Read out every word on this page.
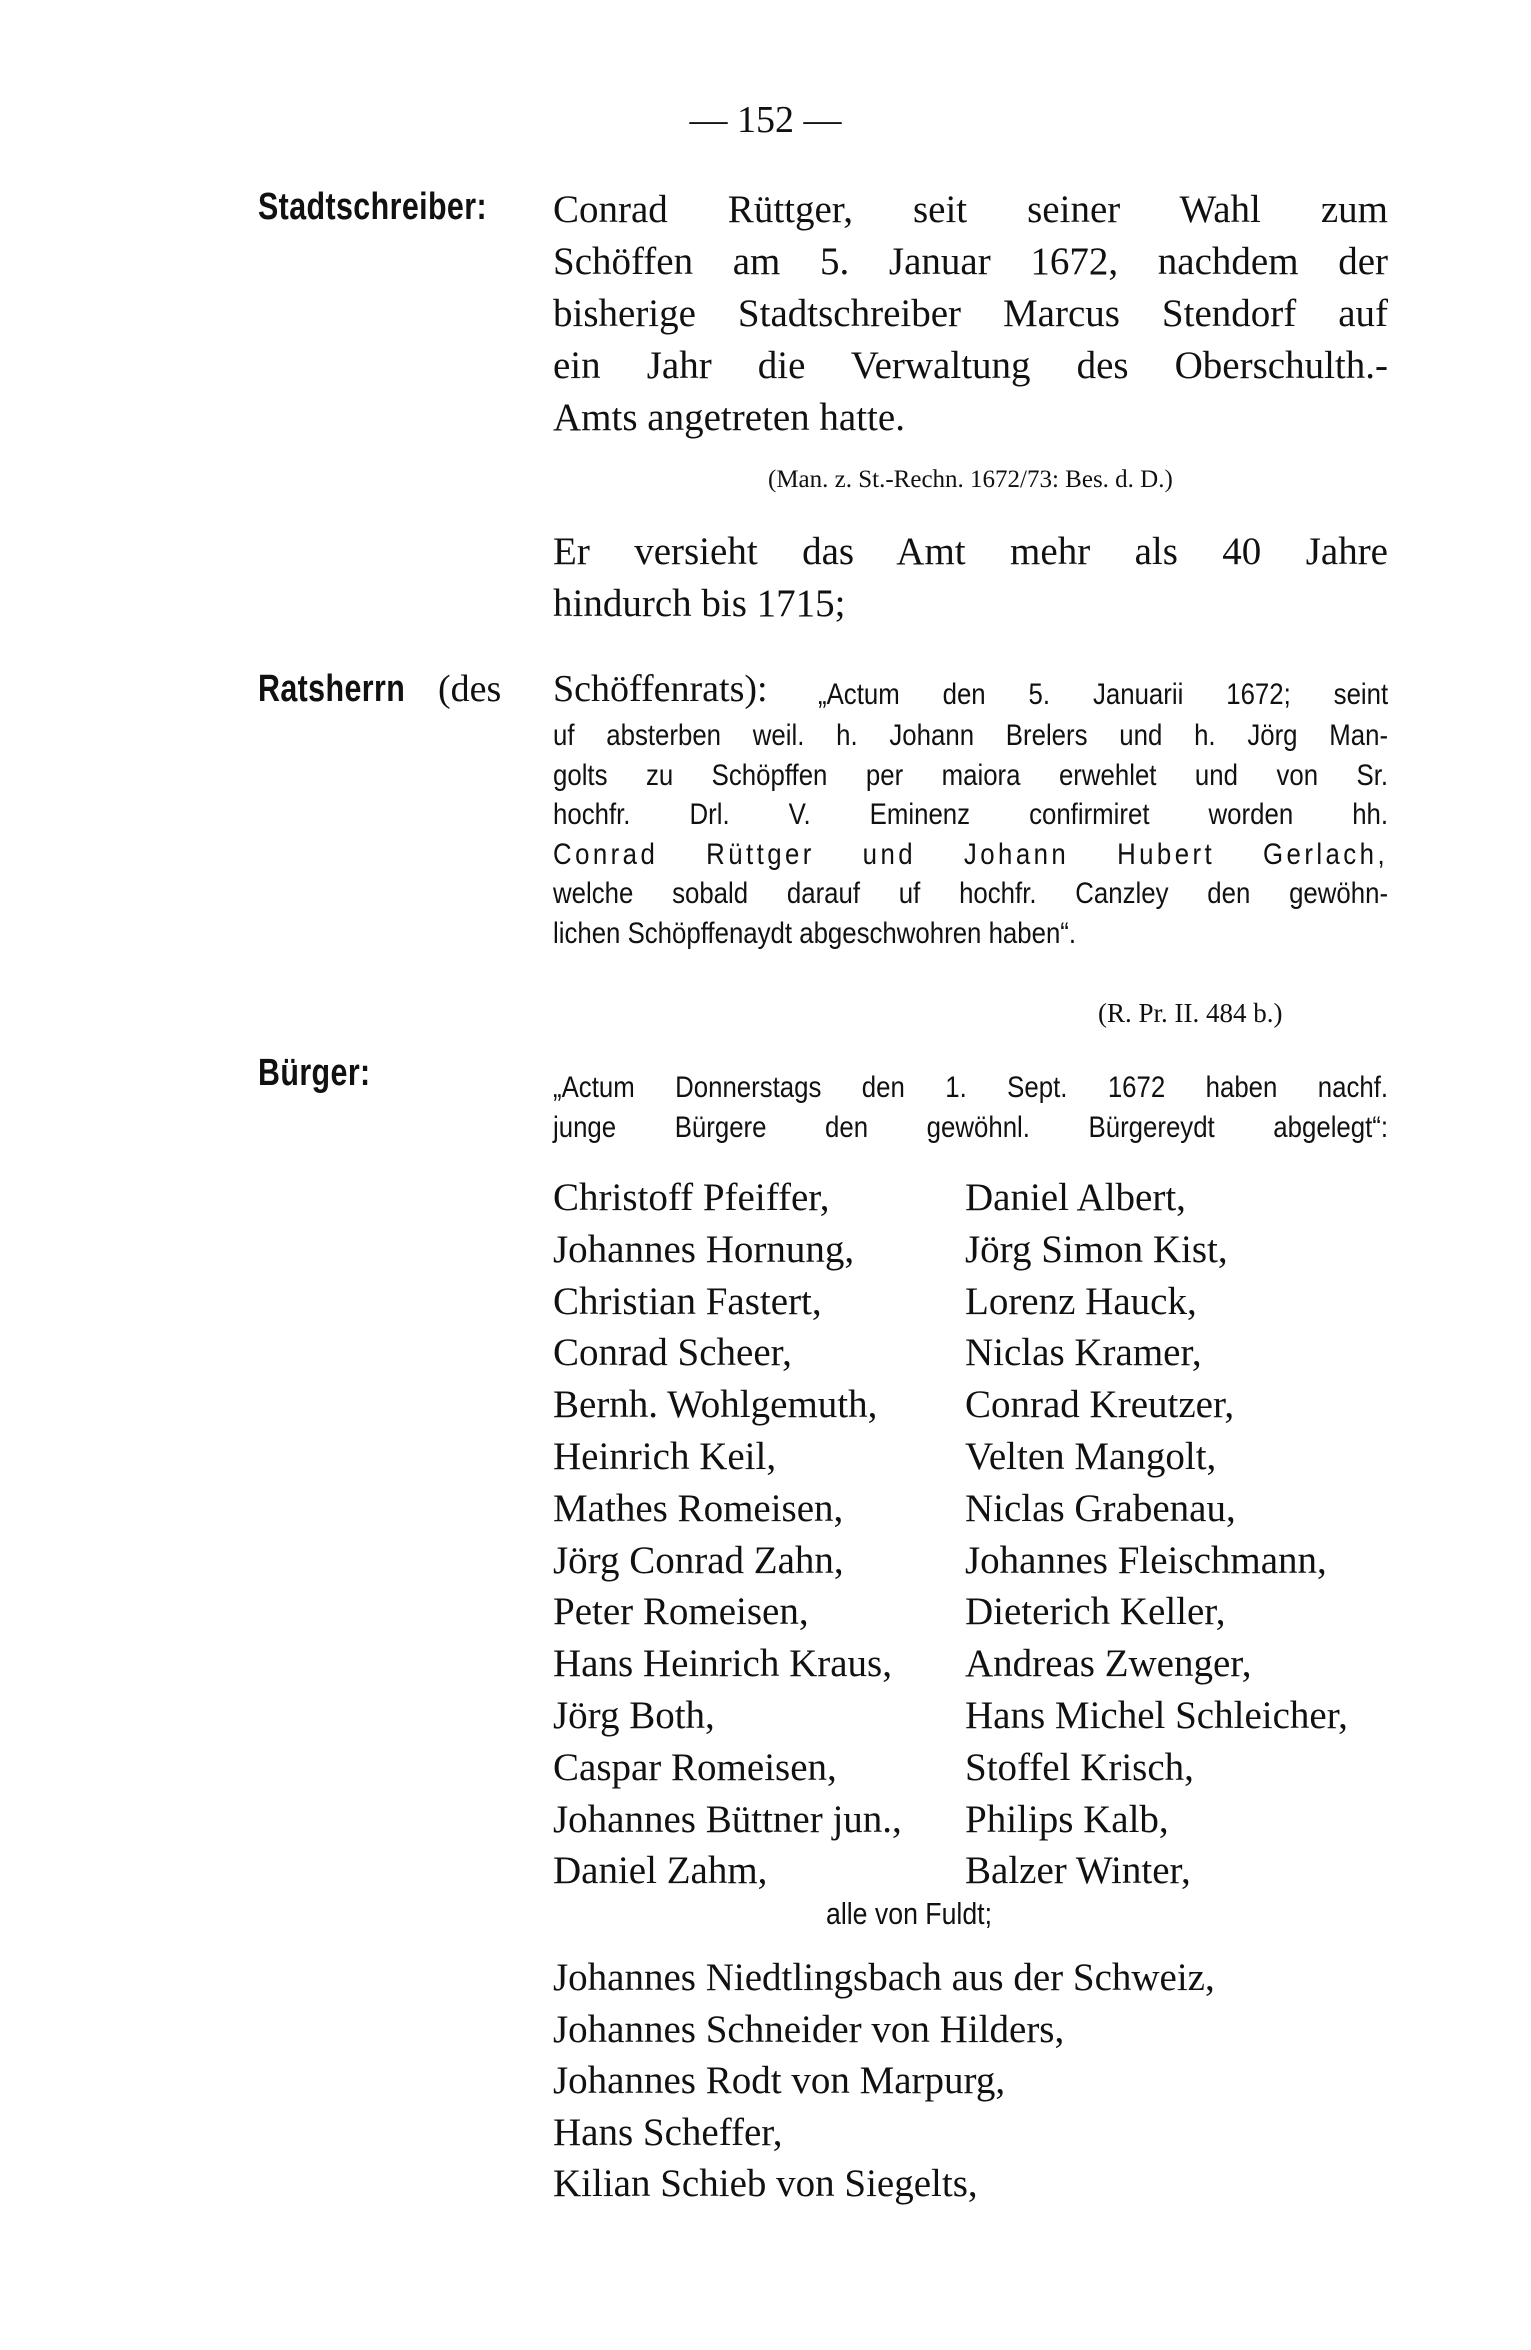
— 152 —
Stadtschreiber: Conrad Rüttger, seit seiner Wahl zum
Schöffen am 5. Januar 1672, nachdem der
bisherige Stadtschreiber Marcus Stendorf auf
ein Jahr die Verwaltung des Oberschulth.-
Amts angetreten hatte.
(Man. z. St.-Rechn. 1672/73: Bes. d. D.)
Er versieht das Amt mehr als 40 Jahre
hindurch bis 1715;
Ratsherrn (des Schöffenrats): „Actum den 5. Januarii 1672; seint
uf absterben weil. h. Johann Brelers und h. Jörg Man-
golts zu Schöpffen per maiora erwehlet und von Sr.
hochfr. Drl. V. Eminenz confirmiret worden hh.
Conrad Rüttger und Johann Hubert Gerlach,
welche sobald darauf uf hochfr. Canzley den gewöhn-
lichen Schöpffenaydt abgeschwohren haben“.
(R. Pr. II. 484 b.)
Bürger:	„Actum Donnerstags den 1. Sept. 1672 haben nachf.
junge Bürgere den gewöhnl. Bürgereydt abgelegt“:
Christoff Pfeiffer,
Johannes Hornung,
Christian Fastert,
Conrad Scheer,
Bernh. Wohlgemuth,
Heinrich Keil,
Mathes Romeisen,
Jörg Conrad Zahn,
Peter Romeisen,
Hans Heinrich Kraus,
Jörg Both,
Caspar Romeisen,
Johannes Büttner jun.,
Daniel Zahm,
Daniel Albert,
Jörg Simon Kist,
Lorenz Hauck,
Niclas Kramer,
Conrad Kreutzer,
Velten Mangolt,
Niclas Grabenau,
Johannes Fleischmann,
Dieterich Keller,
Andreas Zwenger,
Hans Michel Schleicher,
Stoffel Krisch,
Philips Kalb,
Balzer Winter,
alle von Fuldt;
Johannes Niedtlingsbach aus der Schweiz,
Johannes Schneider von Hilders,
Johannes Rodt von Marpurg,
Hans Scheffer,
Kilian Schieb von Siegelts,
